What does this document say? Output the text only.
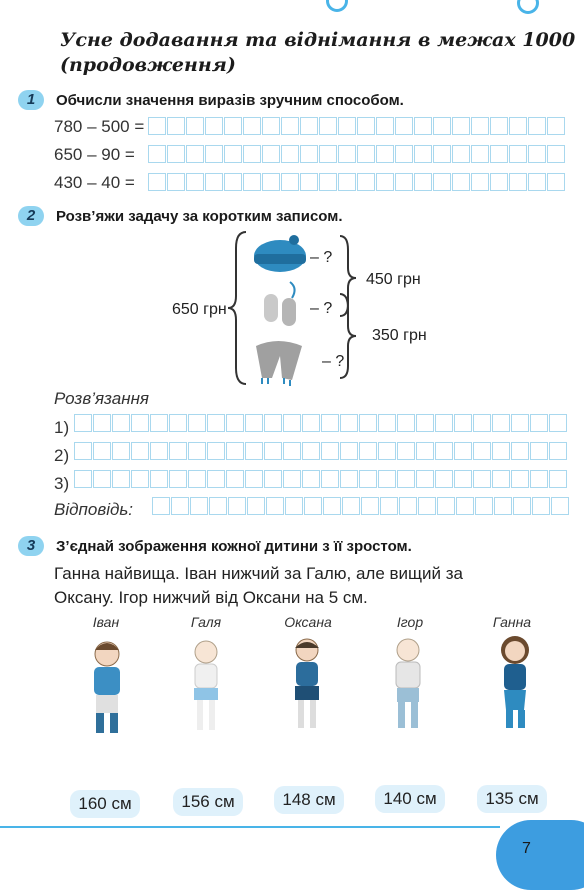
Усне додавання та віднімання в межах 1000
(продовження)
1	Обчисли значення виразів зручним способом.
780 – 500 =
650 – 90 =
430 – 40 =
2	Розв’яжи задачу за коротким записом.
650 грн
– ?
– ?
– ?
450 грн
350 грн
Розв’язання
1)
2)
3)
Відповідь:
3	З’єднай зображення кожної дитини з її зростом.
Ганна найвища. Іван нижчий за Галю, але вищий за
Оксану. Ігор нижчий від Оксани на 5 см.
Іван	Галя	Оксана	Ігор	Ганна
160 см	156 см	148 см	140 см	135 см
7
